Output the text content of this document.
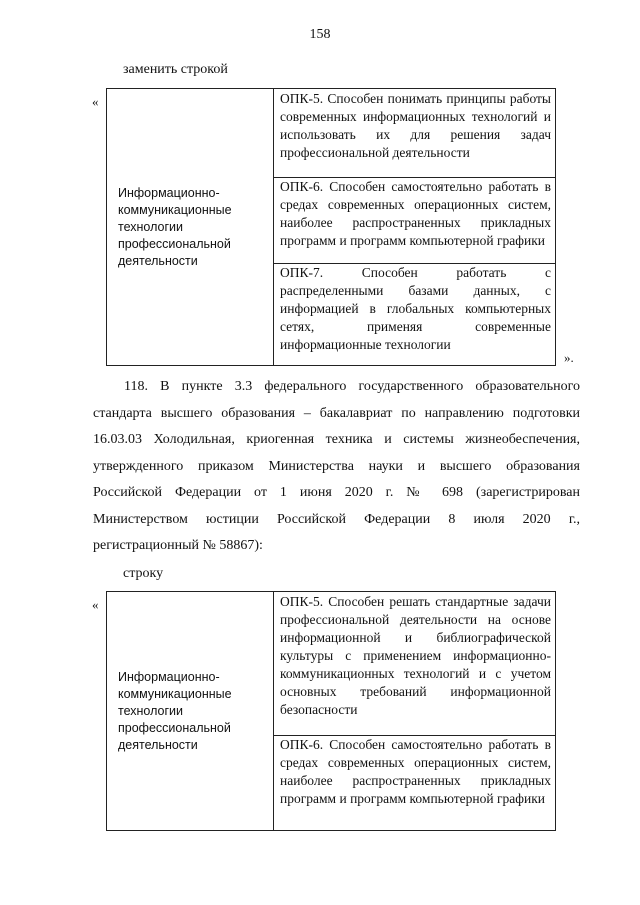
158
заменить строкой
«
Информационно-коммуникационные технологии профессиональной деятельности
ОПК-5. Способен понимать принципы работы современных информационных технологий и использовать их для решения задач профессиональной деятельности
ОПК-6. Способен самостоятельно работать в средах современных операционных систем, наиболее распространенных прикладных программ и программ компьютерной графики
ОПК-7. Способен работать с распределенными базами данных, с информацией в глобальных компьютерных сетях, применяя современные информационные технологии
».
118. В пункте 3.3 федерального государственного образовательного стандарта высшего образования – бакалавриат по направлению подготовки 16.03.03 Холодильная, криогенная техника и системы жизнеобеспечения, утвержденного приказом Министерства науки и высшего образования Российской Федерации от 1 июня 2020 г. № 698 (зарегистрирован Министерством юстиции Российской Федерации 8 июля 2020 г., регистрационный № 58867):
строку
«
Информационно-коммуникационные технологии профессиональной деятельности
ОПК-5. Способен решать стандартные задачи профессиональной деятельности на основе информационной и библиографической культуры с применением информационно-коммуникационных технологий и с учетом основных требований информационной безопасности
ОПК-6. Способен самостоятельно работать в средах современных операционных систем, наиболее распространенных прикладных программ и программ компьютерной графики
